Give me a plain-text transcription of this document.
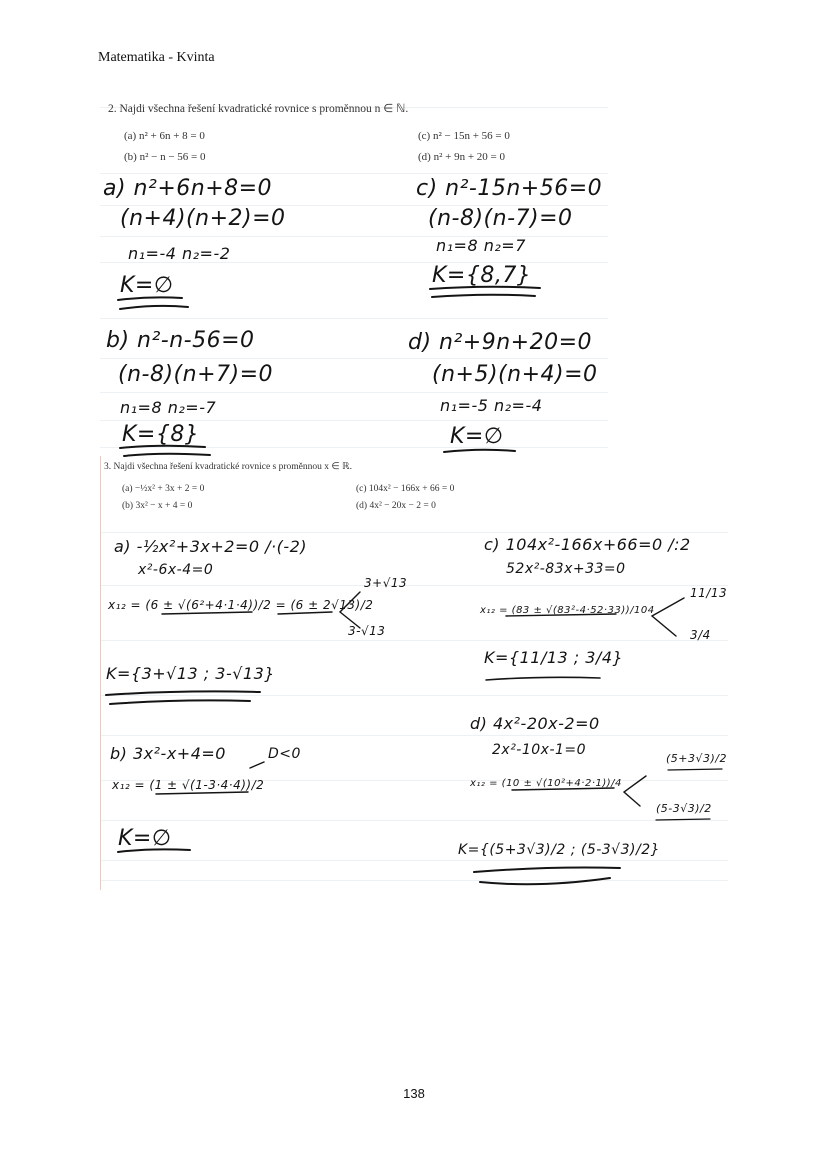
Matematika - Kvinta
2. Najdi všechna řešení kvadratické rovnice s proměnnou n ∈ ℕ.
(a) n² + 6n + 8 = 0
(b) n² − n − 56 = 0
(c) n² − 15n + 56 = 0
(d) n² + 9n + 20 = 0
a) n²+6n+8=0
(n+4)(n+2)=0
n₁=-4 n₂=-2
K=∅
c) n²-15n+56=0
(n-8)(n-7)=0
n₁=8 n₂=7
K={8,7}
b) n²-n-56=0
(n-8)(n+7)=0
n₁=8 n₂=-7
K={8}
d) n²+9n+20=0
(n+5)(n+4)=0
n₁=-5 n₂=-4
K=∅
3. Najdi všechna řešení kvadratické rovnice s proměnnou x ∈ ℝ.
(a) −½x² + 3x + 2 = 0
(b) 3x² − x + 4 = 0
(c) 104x² − 166x + 66 = 0
(d) 4x² − 20x − 2 = 0
a) -½x²+3x+2=0 /·(-2)
x²-6x-4=0
x₁₂ = (6 ± √(6²+4·1·4))/2 = (6 ± 2√13)/2
3+√13
3-√13
K={3+√13 ; 3-√13}
c) 104x²-166x+66=0 /:2
52x²-83x+33=0
x₁₂ = (83 ± √(83²-4·52·33))/104
11/13
3/4
K={11/13 ; 3/4}
b) 3x²-x+4=0	D<0
x₁₂ = (1 ± √(1-3·4·4))/2
K=∅
d) 4x²-20x-2=0
2x²-10x-1=0
x₁₂ = (10 ± √(10²+4·2·1))/4
(5+3√3)/2
(5-3√3)/2
K={(5+3√3)/2 ; (5-3√3)/2}
138
